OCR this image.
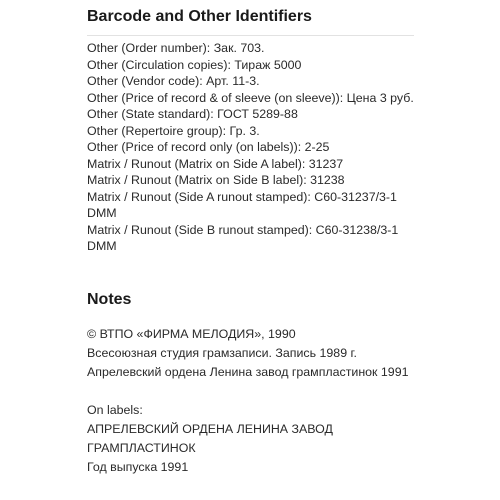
Barcode and Other Identifiers
Other (Order number): Зак. 703.
Other (Circulation copies): Тираж 5000
Other (Vendor code): Арт. 11-3.
Other (Price of record & of sleeve (on sleeve)): Цена 3 руб.
Other (State standard): ГОСТ 5289-88
Other (Repertoire group): Гр. 3.
Other (Price of record only (on labels)): 2-25
Matrix / Runout (Matrix on Side A label): 31237
Matrix / Runout (Matrix on Side B label): 31238
Matrix / Runout (Side A runout stamped): С60-31237/3-1 DMM
Matrix / Runout (Side B runout stamped): С60-31238/3-1 DMM
Notes
© ВТПО «ФИРМА МЕЛОДИЯ», 1990
Всесоюзная студия грамзаписи. Запись 1989 г.
Апрелевский ордена Ленина завод грампластинок 1991
On labels:
АПРЕЛЕВСКИЙ ОРДЕНА ЛЕНИНА ЗАВОД ГРАМПЛАСТИНОК
Год выпуска 1991
